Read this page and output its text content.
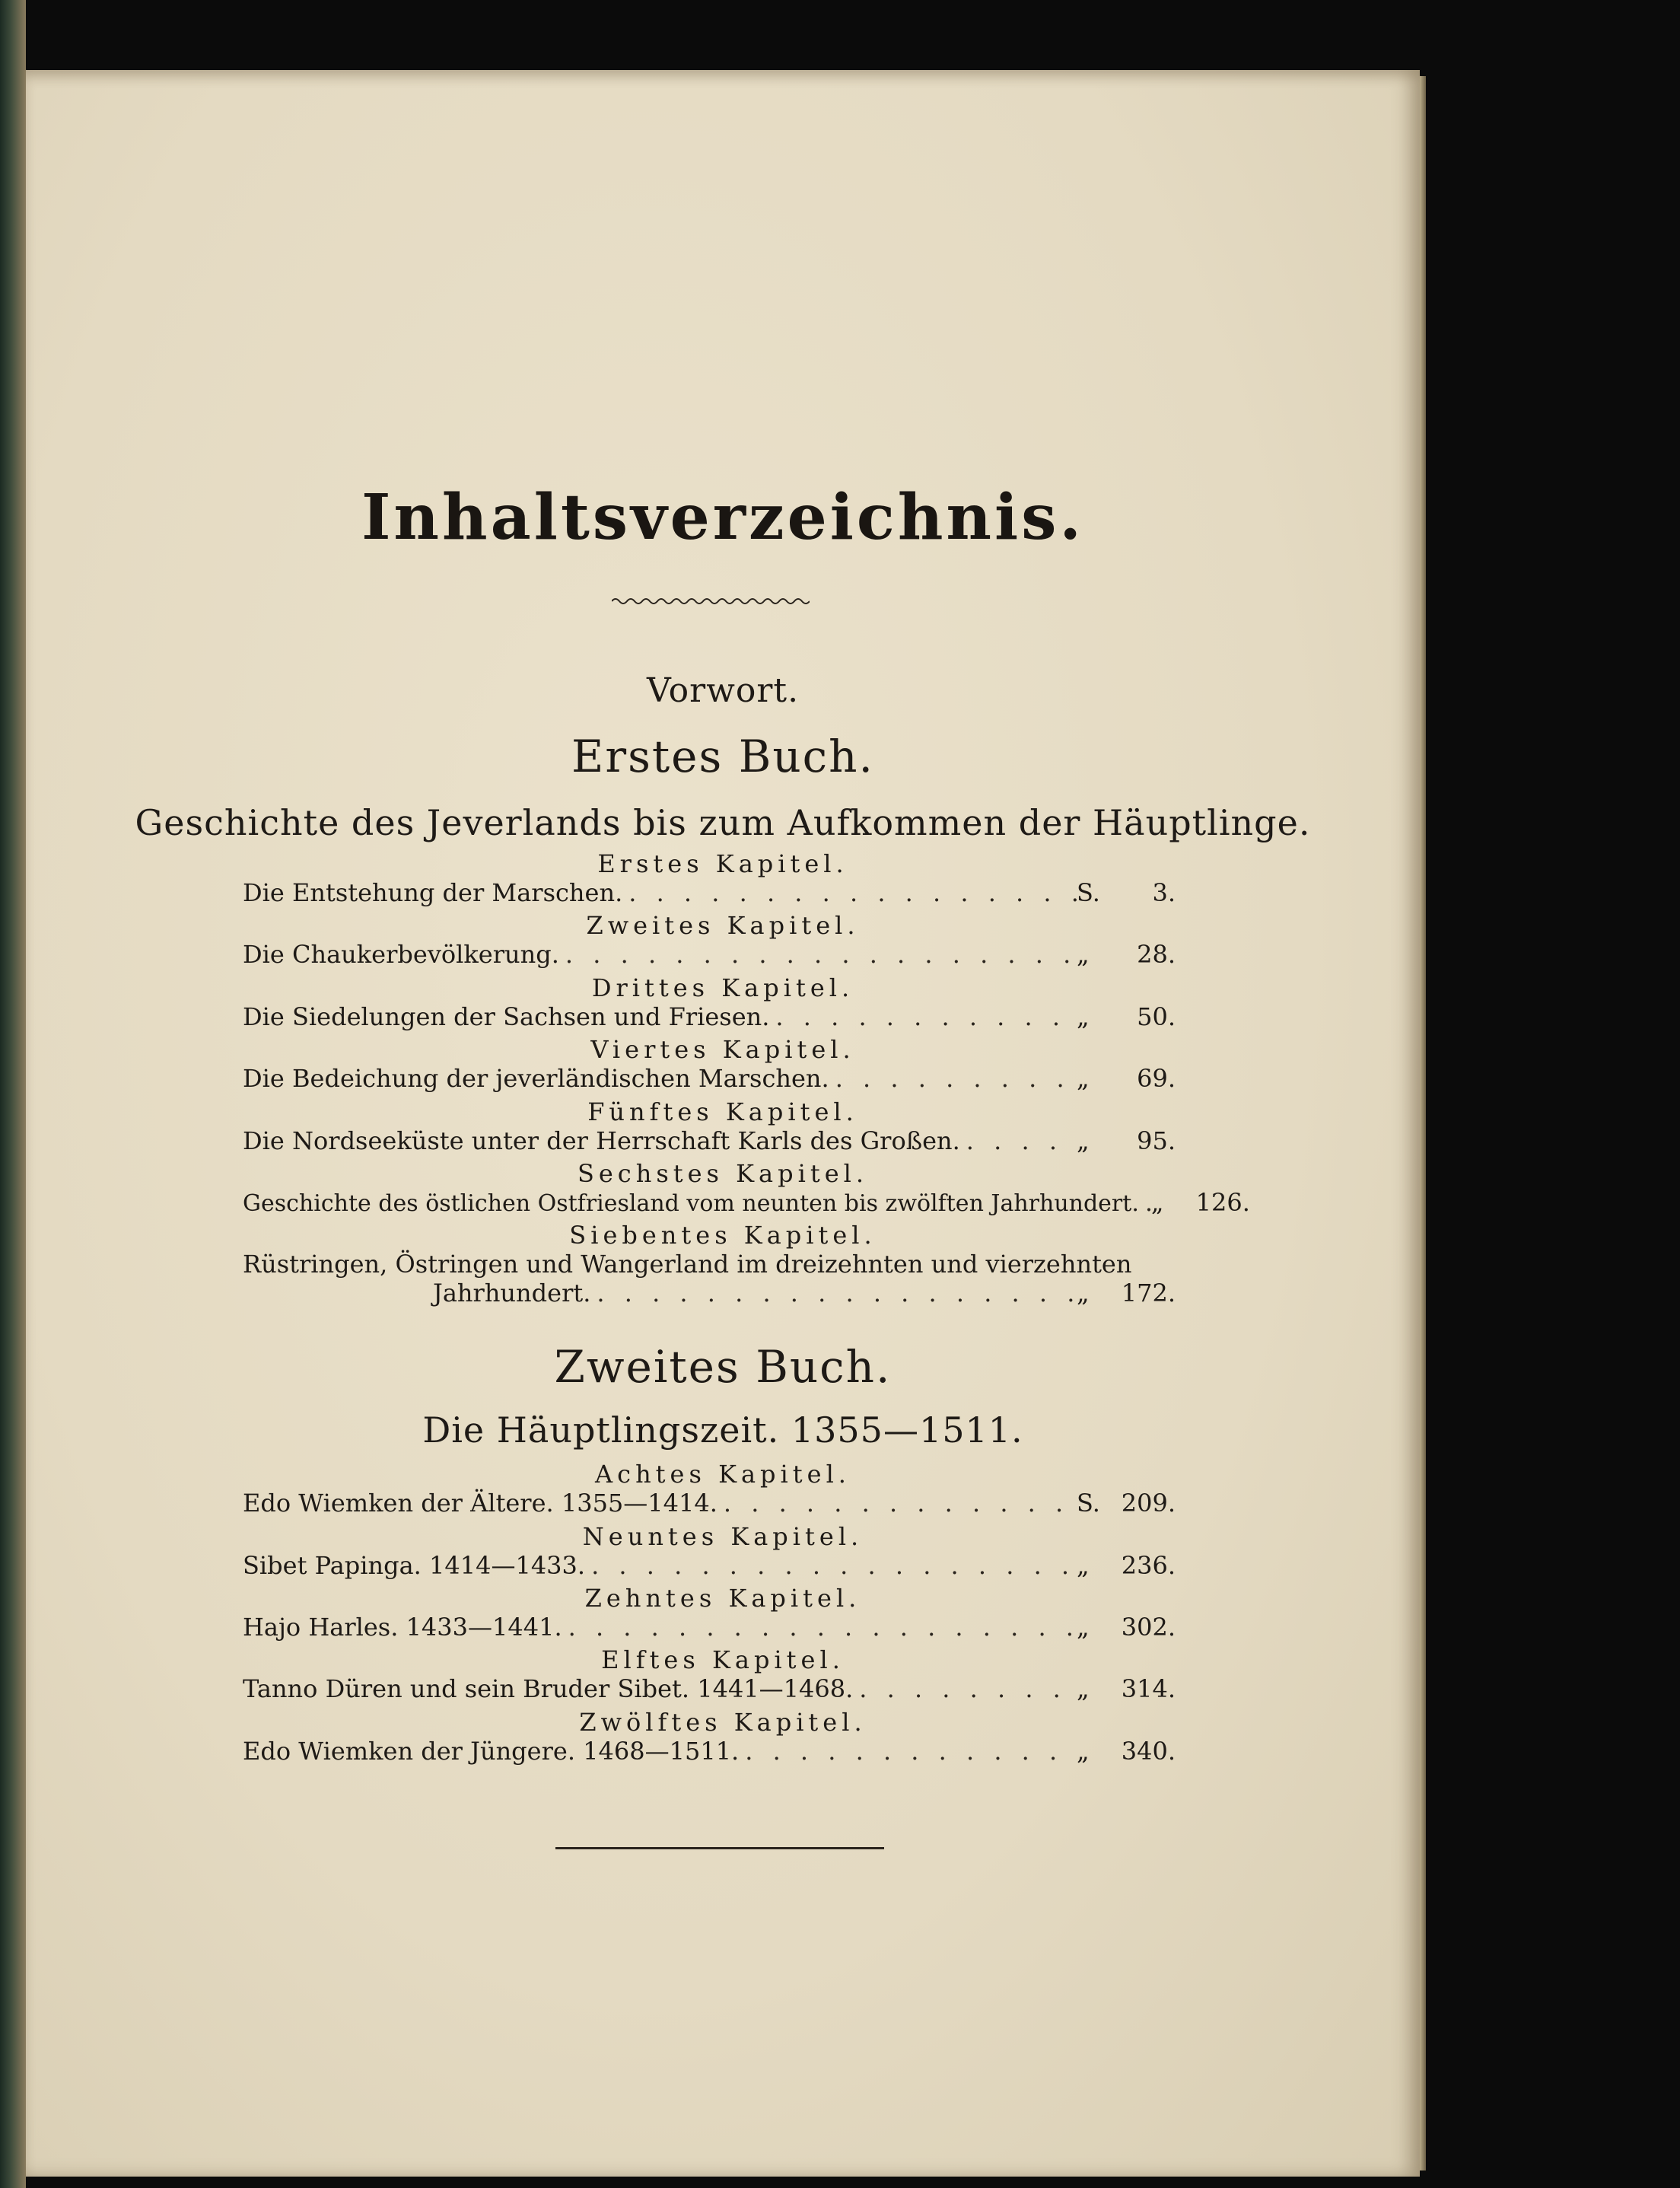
Inhaltsverzeichnis.
Vorwort.
Erstes Buch.
Geschichte des Jeverlands bis zum Aufkommen der Häuptlinge.
Erstes Kapitel.
Die Entstehung der Marschen. . . .	S.	3.
Zweites Kapitel.
Die Chaukerbevölkerung. . . .	„	28.
Drittes Kapitel.
Die Siedelungen der Sachsen und Friesen. . . .	„	50.
Viertes Kapitel.
Die Bedeichung der jeverländischen Marschen. . . .	„	69.
Fünftes Kapitel.
Die Nordseeküste unter der Herrschaft Karls des Großen. . . .	„	95.
Sechstes Kapitel.
Geschichte des östlichen Ostfriesland vom neunten bis zwölften Jahrhundert. . . . „	126.
Siebentes Kapitel.
Rüstringen, Östringen und Wangerland im dreizehnten und vierzehnten
Jahrhundert. . . .	„	172.
Zweites Buch.
Die Häuptlingszeit. 1355—1511.
Achtes Kapitel.
Edo Wiemken der Ältere. 1355—1414. . . .	S. 209.
Neuntes Kapitel.
Sibet Papinga. 1414—1433. . . .	„	236.
Zehntes Kapitel.
Hajo Harles. 1433—1441. . . .	„	302.
Elftes Kapitel.
Tanno Düren und sein Bruder Sibet. 1441—1468. . . .	„	314.
Zwölftes Kapitel.
Edo Wiemken der Jüngere. 1468—1511. . . .	„	340.
